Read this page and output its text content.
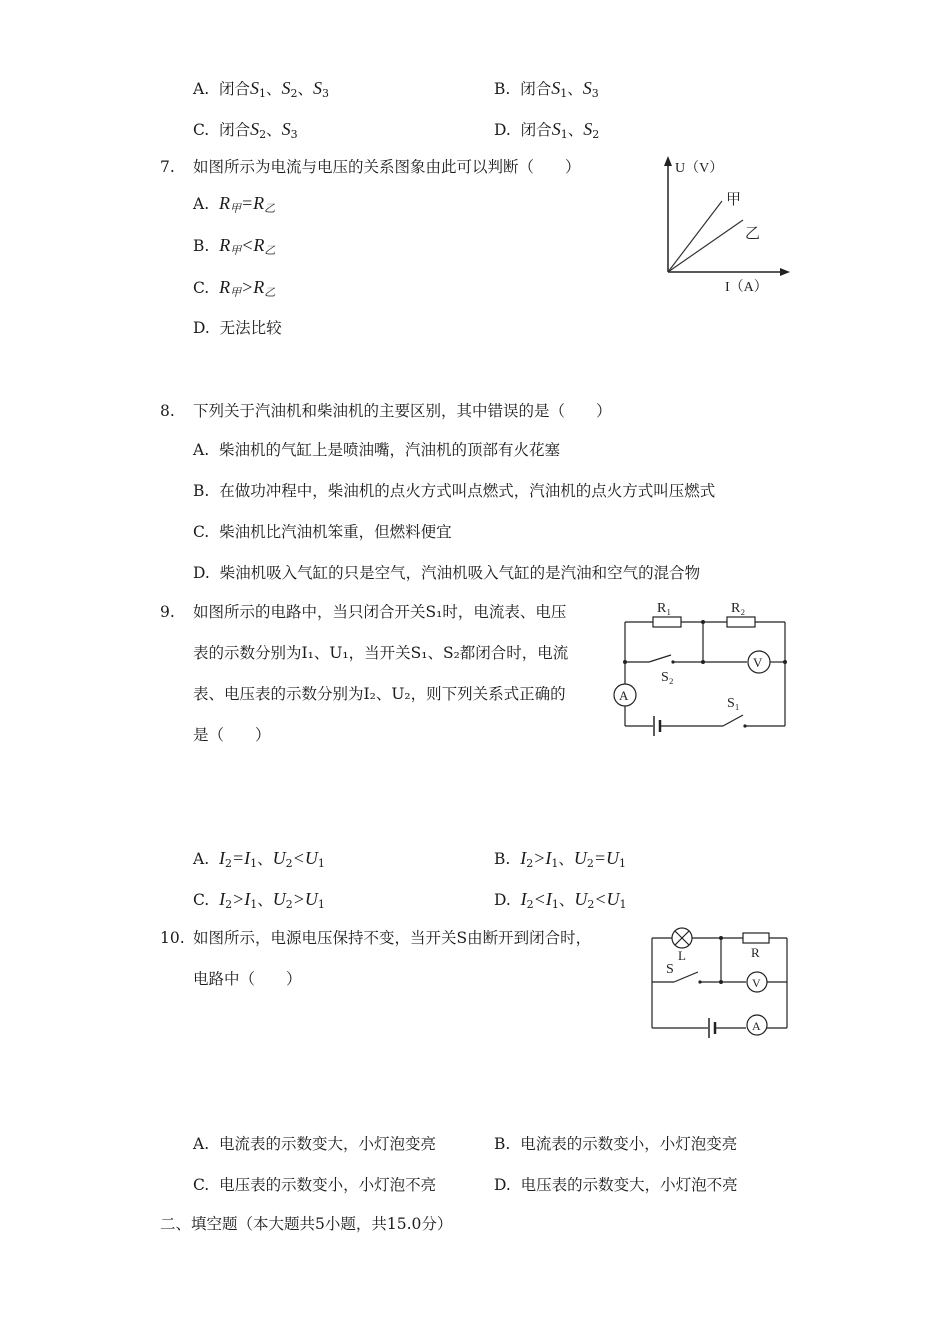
A. 闭合$S_1$、$S_2$、$S_3$	B. 闭合$S_1$、$S_3$
C. 闭合$S_2$、$S_3$	D. 闭合$S_1$、$S_2$
7. 如图所示为电流与电压的关系图象由此可以判断（　　）
A. R甲=R乙
B. R甲<R乙
C. R甲>R乙
D. 无法比较
U（V）
I（A）
甲
乙
8. 下列关于汽油机和柴油机的主要区别，其中错误的是（　　）
A. 柴油机的气缸上是喷油嘴，汽油机的顶部有火花塞
B. 在做功冲程中，柴油机的点火方式叫点燃式，汽油机的点火方式叫压燃式
C. 柴油机比汽油机笨重，但燃料便宜
D. 柴油机吸入气缸的只是空气，汽油机吸入气缸的是汽油和空气的混合物
9. 如图所示的电路中，当只闭合开关S₁时，电流表、电压
表的示数分别为I₁、U₁，当开关S₁、S₂都闭合时，电流
表、电压表的示数分别为I₂、U₂，则下列关系式正确的
是（　　）
R₁	R₂
S₂
S₁
V
A
A. $I_2=I_1$、$U_2<U_1$	B. $I_2>I_1$、$U_2=U_1$
C. $I_2>I_1$、$U_2>U_1$	D. $I_2<I_1$、$U_2<U_1$
10. 如图所示，电源电压保持不变，当开关S由断开到闭合时，
电路中（　　）
L	R
S
V
A
A. 电流表的示数变大，小灯泡变亮	B. 电流表的示数变小，小灯泡变亮
C. 电压表的示数变小，小灯泡不亮	D. 电压表的示数变大，小灯泡不亮
二、填空题（本大题共5小题，共15.0分）
